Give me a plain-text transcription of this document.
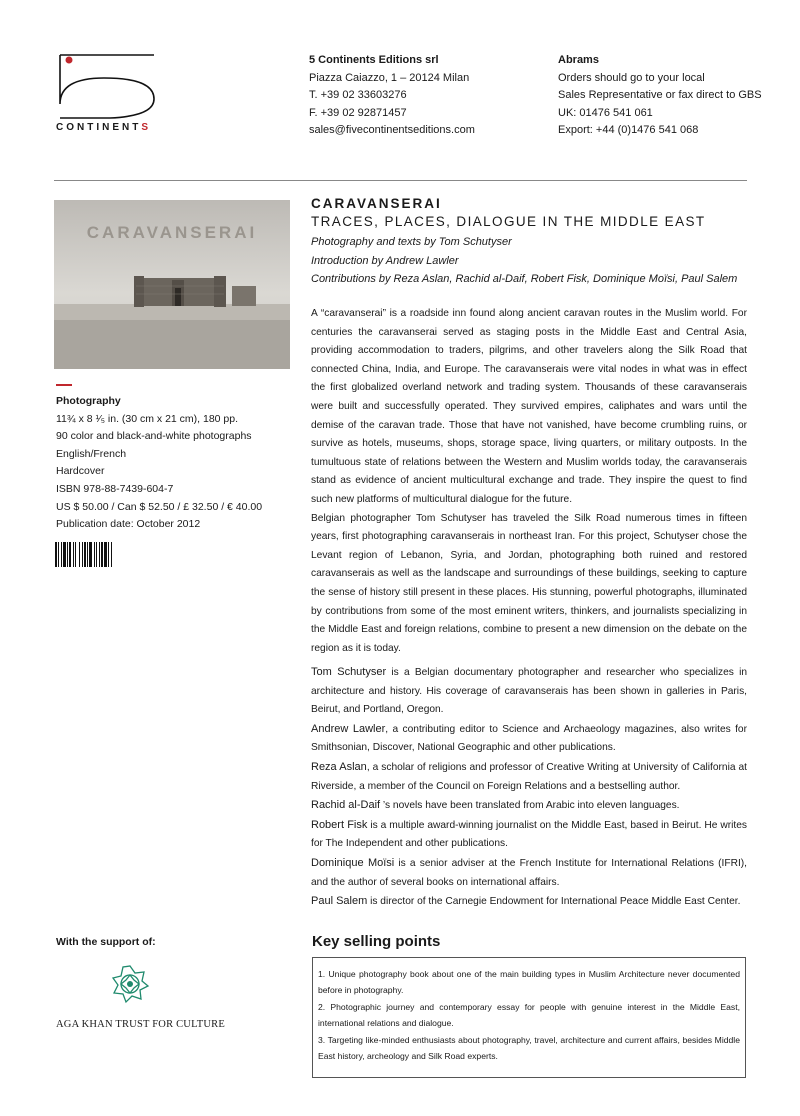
CONTINENTS
5 Continents Editions srl
Piazza Caiazzo, 1 – 20124 Milan
T. +39 02 33603276
F. +39 02 92871457
sales@fivecontinentseditions.com
Abrams
Orders should go to your local
Sales Representative or fax direct to GBS
UK: 01476 541 061
Export: +44 (0)1476 541 068
CARAVANSERAI
Photography
11¾ x 8 ¹⁄₅ in. (30 cm x 21 cm), 180 pp.
90 color and black-and-white photographs
English/French
Hardcover
ISBN 978-88-7439-604-7
US $ 50.00 / Can $ 52.50 / £ 32.50 / € 40.00
Publication date: October 2012
CARAVANSERAI
TRACES, PLACES, DIALOGUE IN THE MIDDLE EAST
Photography and texts by Tom Schutyser
Introduction by Andrew Lawler
Contributions by Reza Aslan, Rachid al-Daif, Robert Fisk, Dominique Moïsi, Paul Salem

A “caravanserai” is a roadside inn found along ancient caravan routes in the Muslim world. For centuries the caravanserai served as staging posts in the Middle East and Central Asia, providing accommodation to traders, pilgrims, and other travelers along the Silk Road that connected China, India, and Europe. The caravanserais were vital nodes in what was in effect the first globalized overland network and trading system. Thousands of these caravanserais were built and successfully operated. They survived empires, caliphates and wars until the demise of the caravan trade. Those that have not vanished, have become crumbling ruins, or survive as hotels, museums, shops, storage space, living quarters, or military outposts. In the tumultuous state of relations between the Western and Muslim worlds today, the caravanserais stand as evidence of ancient multicultural exchange and trade. They inspire the quest to find such new platforms of multicultural dialogue for the future.

Belgian photographer Tom Schutyser has traveled the Silk Road numerous times in fifteen years, first photographing caravanserais in northeast Iran. For this project, Schutyser chose the Levant region of Lebanon, Syria, and Jordan, photographing both ruined and restored caravanserais as well as the landscape and surroundings of these buildings, seeking to capture the sense of history still present in these places. His stunning, powerful photographs, illuminated by contributions from some of the most eminent writers, thinkers, and journalists specializing in the Middle East and foreign relations, combine to present a new dimension on the debate on the region as it is today.

Tom Schutyser is a Belgian documentary photographer and researcher who specializes in architecture and history. His coverage of caravanserais has been shown in galleries in Paris, Beirut, and Portland, Oregon.

Andrew Lawler, a contributing editor to Science and Archaeology magazines, also writes for Smithsonian, Discover, National Geographic and other publications.

Reza Aslan, a scholar of religions and professor of Creative Writing at University of California at Riverside, a member of the Council on Foreign Relations and a bestselling author.

Rachid al-Daif ’s novels have been translated from Arabic into eleven languages.

Robert Fisk is a multiple award-winning journalist on the Middle East, based in Beirut. He writes for The Independent and other publications.

Dominique Moïsi is a senior adviser at the French Institute for International Relations (IFRI), and the author of several books on international affairs.

Paul Salem is director of the Carnegie Endowment for International Peace Middle East Center.

With the support of:
AGA KHAN TRUST FOR CULTURE
Key selling points

1. Unique photography book about one of the main building types in Muslim Architecture never documented before in photography.

2. Photographic journey and contemporary essay for people with genuine interest in the Middle East, international relations and dialogue.

3. Targeting like-minded enthusiasts about photography, travel, architecture and current affairs, besides Middle East history, archeology and Silk Road experts.
